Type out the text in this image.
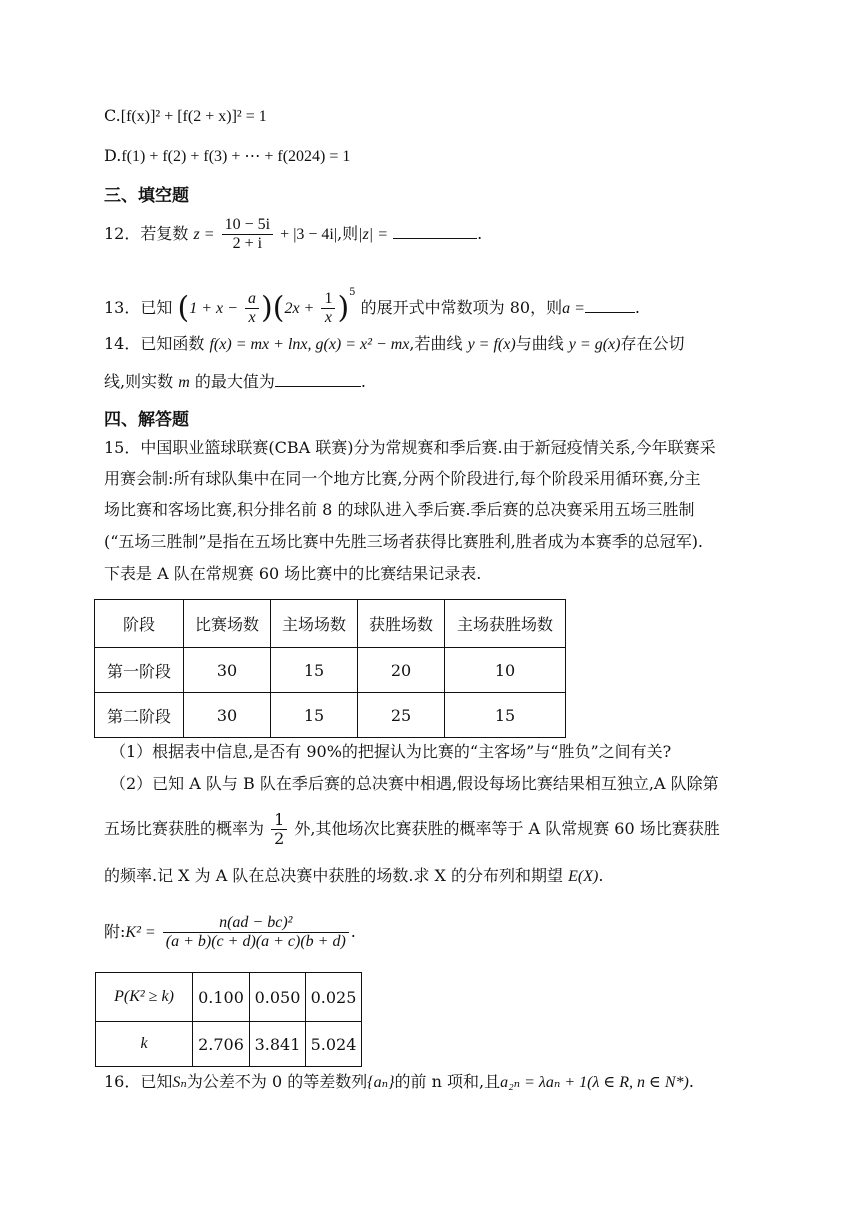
C.[f(x)]² + [f(2 + x)]² = 1
D.f(1) + f(2) + f(3) + ⋯ + f(2024) = 1
三、填空题
12．若复数 $z = \frac{10 - 5i}{2 + i} + |3 - 4i|$,则|z| =	.
13．已知 $(1 + x - \frac{a}{x} )(2x + \frac{1}{x} )^5$ 的展开式中常数项为 80，则a =	.
14．已知函数 f(x) = mx + lnx, g(x) = x² − mx,若曲线 y = f(x)与曲线 y = g(x)存在公切
线,则实数 m 的最大值为	.
四、解答题
15．中国职业篮球联赛(CBA 联赛)分为常规赛和季后赛.由于新冠疫情关系,今年联赛采
用赛会制:所有球队集中在同一个地方比赛,分两个阶段进行,每个阶段采用循环赛,分主
场比赛和客场比赛,积分排名前 8 的球队进入季后赛.季后赛的总决赛采用五场三胜制
(“五场三胜制”是指在五场比赛中先胜三场者获得比赛胜利,胜者成为本赛季的总冠军).
下表是 A 队在常规赛 60 场比赛中的比赛结果记录表.
阶段	比赛场数	主场场数	获胜场数	主场获胜场数
第一阶段	30	15	20	10
第二阶段	30	15	25	15
（1）根据表中信息,是否有 90%的把握认为比赛的“主客场”与“胜负”之间有关?
（2）已知 A 队与 B 队在季后赛的总决赛中相遇,假设每场比赛结果相互独立,A 队除第
五场比赛获胜的概率为 $\frac{1}{2}$ 外,其他场次比赛获胜的概率等于 A 队常规赛 60 场比赛获胜
的频率.记 X 为 A 队在总决赛中获胜的场数.求 X 的分布列和期望 E(X).
附:K² = $\frac{\text{n(ad − bc)²}}{(a + b)(c + d)(a + c)(b + d)}$ .
P(K² ≥ k)	0.100	0.050	0.025
k	2.706	3.841	5.024
16．已知Sₙ为公差不为 0 的等差数列{aₙ}的前 n 项和,且a₂ₙ = λaₙ + 1(λ ∈ R, n ∈ N*).
